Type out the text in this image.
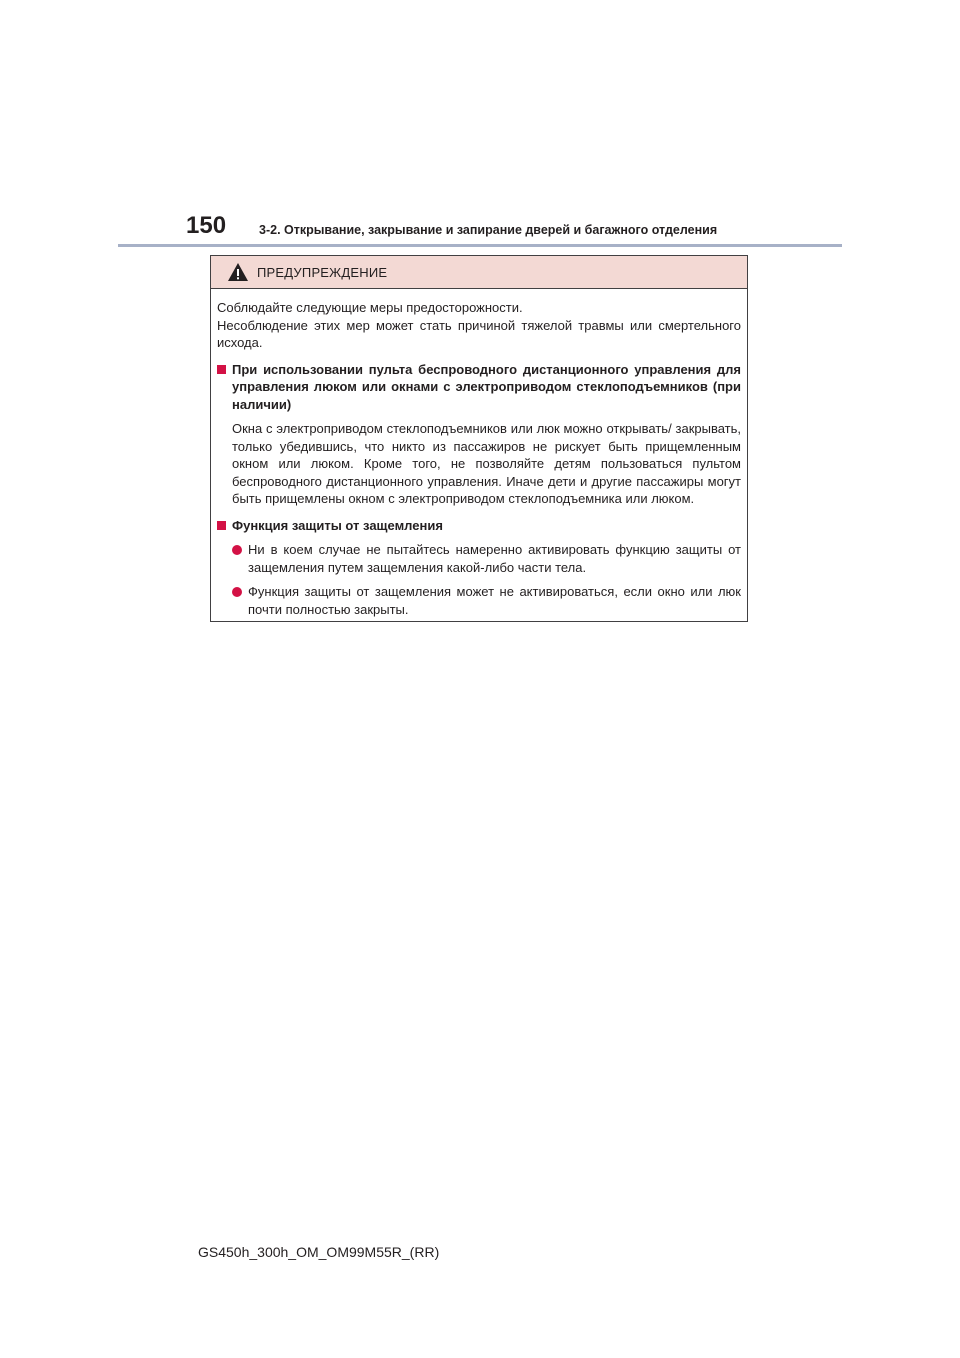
150	3-2. Открывание, закрывание и запирание дверей и багажного отделения
ПРЕДУПРЕЖДЕНИЕ

Соблюдайте следующие меры предосторожности.

Несоблюдение этих мер может стать причиной тяжелой травмы или смертельного исхода.

При использовании пульта беспроводного дистанционного управления для управления люком или окнами с электроприводом стеклоподъемников (при наличии)
Окна с электроприводом стеклоподъемников или люк можно открывать/ закрывать, только убедившись, что никто из пассажиров не рискует быть прищемленным окном или люком. Кроме того, не позволяйте детям пользоваться пультом беспроводного дистанционного управления. Иначе дети и другие пассажиры могут быть прищемлены окном с электроприводом стеклоподъемника или люком.
Функция защиты от защемления
Ни в коем случае не пытайтесь намеренно активировать функцию защиты от защемления путем защемления какой-либо части тела.
Функция защиты от защемления может не активироваться, если окно или люк почти полностью закрыты.
GS450h_300h_OM_OM99M55R_(RR)
